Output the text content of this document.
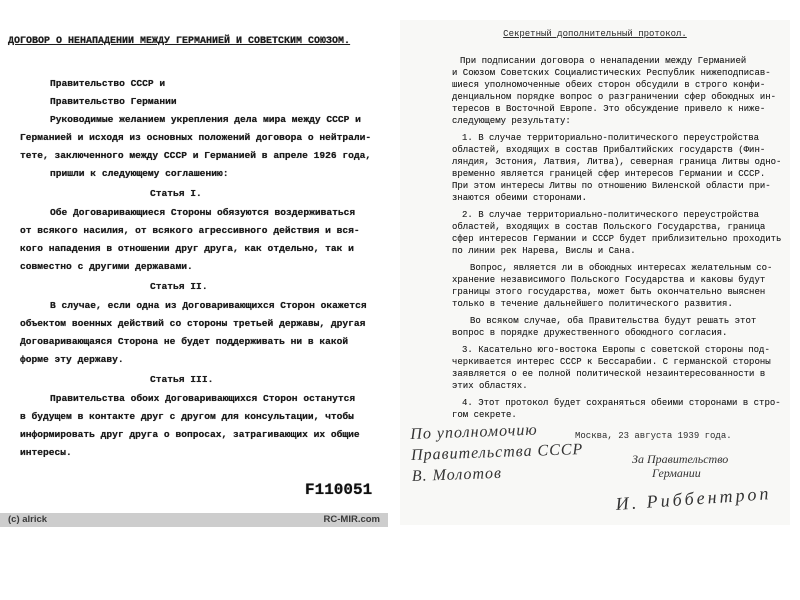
ДОГОВОР О НЕНАПАДЕНИИ МЕЖДУ ГЕРМАНИЕЙ И СОВЕТСКИМ СОЮЗОМ.
Правительство СССР и
Правительство Германии
Руководимые желанием укрепления дела мира между СССР и
Германией и исходя из основных положений договора о нейтрали-
тете, заключенного между СССР и Германией в апреле 1926 года,
пришли к следующему соглашению:
Статья I.
Обе Договаривающиеся Стороны обязуются воздерживаться
от всякого насилия, от всякого агрессивного действия и вся-
кого нападения в отношении друг друга, как отдельно, так и
совместно с другими державами.
Статья II.
В случае, если одна из Договаривающихся Сторон окажется
объектом военных действий со стороны третьей державы, другая
Договаривающаяся Сторона не будет поддерживать ни в какой
форме эту державу.
Статья III.
Правительства обоих Договаривающихся Сторон останутся
в будущем в контакте друг с другом для консультации, чтобы
информировать друг друга о вопросах, затрагивающих их общие
интересы.
F110051
(c) alrick	RC-MIR.com
Секретный дополнительный протокол.
При подписании договора о ненападении между Германией
и Союзом Советских Социалистических Республик нижеподписав-
шиеся уполномоченные обеих сторон обсудили в строго конфи-
денциальном порядке вопрос о разграничении сфер обоюдных ин-
тересов в Восточной Европе. Это обсуждение привело к ниже-
следующему результату:
1. В случае территориально-политического переустройства
областей, входящих в состав Прибалтийских государств (Фин-
ляндия, Эстония, Латвия, Литва), северная граница Литвы одно-
временно является границей сфер интересов Германии и СССР.
При этом интересы Литвы по отношению Виленской области при-
знаются обеими сторонами.
2. В случае территориально-политического переустройства
областей, входящих в состав Польского Государства, граница
сфер интересов Германии и СССР будет приблизительно проходить
по линии рек Нарева, Вислы и Сана.
Вопрос, является ли в обоюдных интересах желательным со-
хранение независимого Польского Государства и каковы будут
границы этого государства, может быть окончательно выяснен
только в течение дальнейшего политического развития.
Во всяком случае, оба Правительства будут решать этот
вопрос в порядке дружественного обоюдного согласия.
3. Касательно юго-востока Европы с советской стороны под-
черкивается интерес СССР к Бессарабии. С германской стороны
заявляется о ее полной политической незаинтересованности в
этих областях.
4. Этот протокол будет сохраняться обеими сторонами в стро-
гом секрете.
Москва, 23 августа 1939 года.
По уполномочию
Правительства СССР
В. Молотов
За Правительство
Германии
И. Риббентроп
